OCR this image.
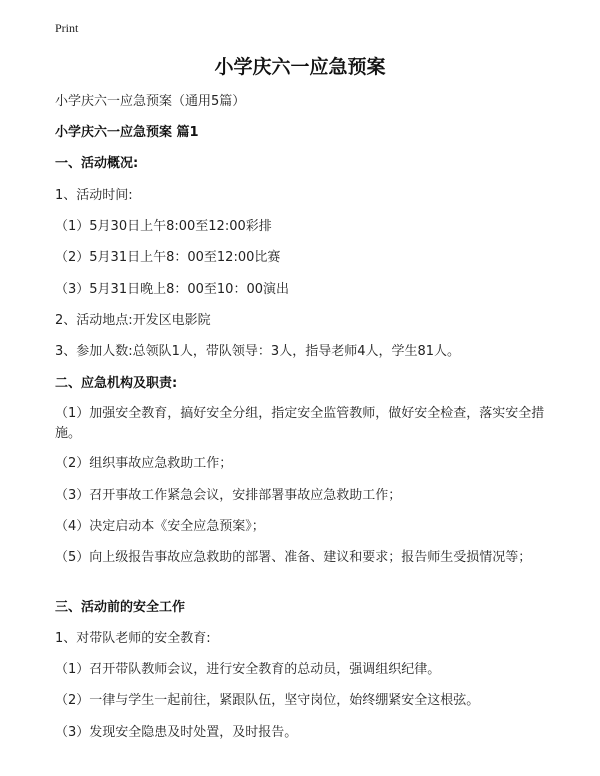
Print
小学庆六一应急预案
小学庆六一应急预案（通用5篇）
小学庆六一应急预案 篇1
一、活动概况:
1、活动时间:
（1）5月30日上午8:00至12:00彩排
（2）5月31日上午8：00至12:00比赛
（3）5月31日晚上8：00至10：00演出
2、活动地点:开发区电影院
3、参加人数:总领队1人，带队领导：3人，指导老师4人，学生81人。
二、应急机构及职责:
（1）加强安全教育，搞好安全分组，指定安全监管教师，做好安全检查，落实安全措施。
（2）组织事故应急救助工作；
（3）召开事故工作紧急会议，安排部署事故应急救助工作；
（4）决定启动本《安全应急预案》；
（5）向上级报告事故应急救助的部署、准备、建议和要求；报告师生受损情况等；
三、活动前的安全工作
1、对带队老师的安全教育:
（1）召开带队教师会议，进行安全教育的总动员，强调组织纪律。
（2）一律与学生一起前往，紧跟队伍，坚守岗位，始终绷紧安全这根弦。
（3）发现安全隐患及时处置，及时报告。
